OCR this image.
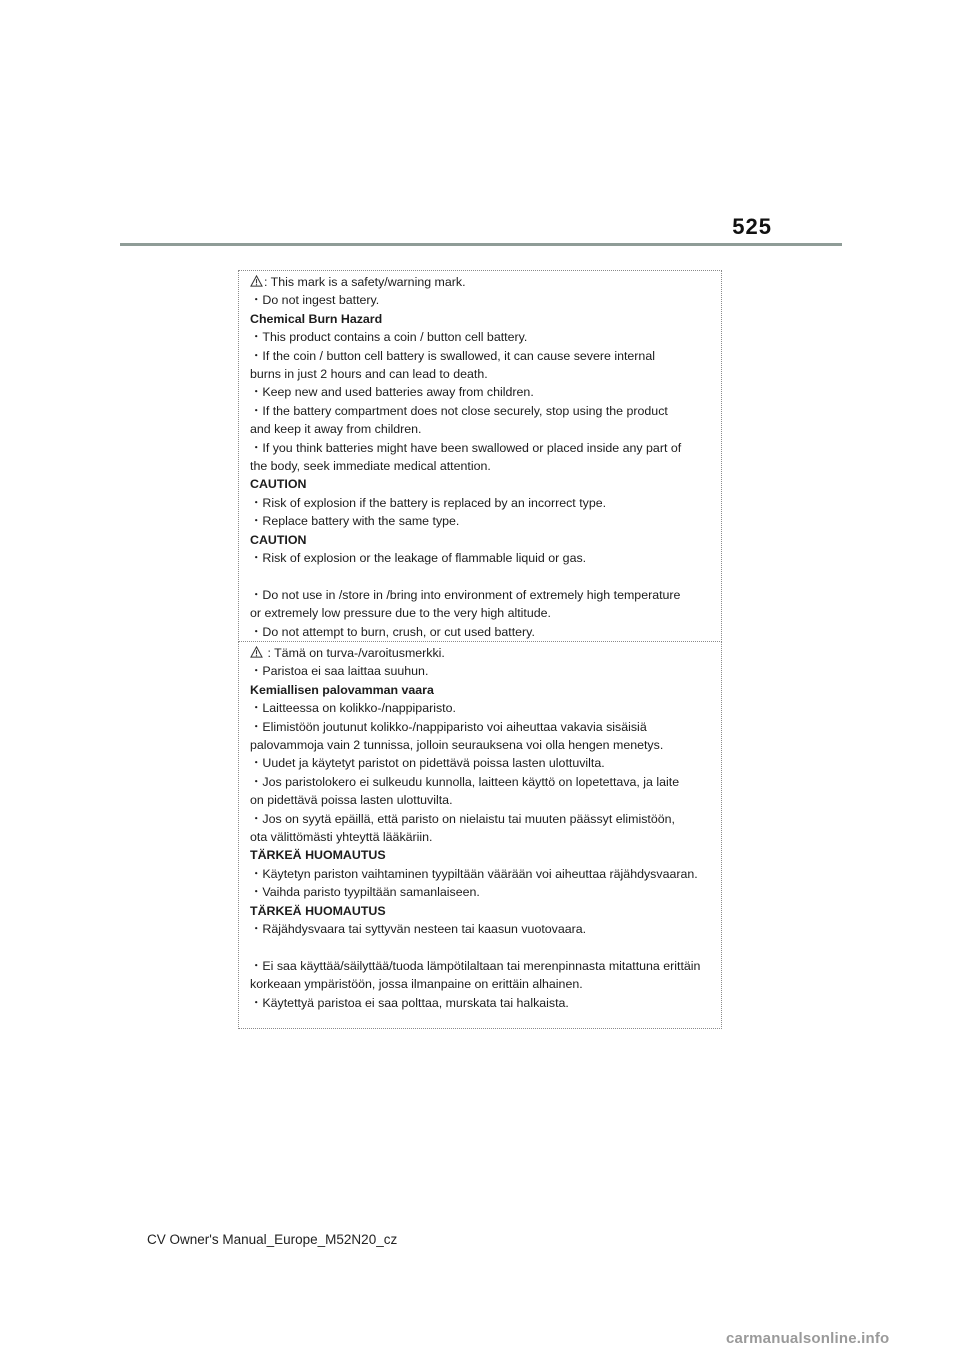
525
: This mark is a safety/warning mark.
・Do not ingest battery.
Chemical Burn Hazard
・This product contains a coin / button cell battery.
・If the coin / button cell battery is swallowed, it can cause severe internal
burns in just 2 hours and can lead to death.
・Keep new and used batteries away from children.
・If the battery compartment does not close securely, stop using the product
and keep it away from children.
・If you think batteries might have been swallowed or placed inside any part of
the body, seek immediate medical attention.
CAUTION
・Risk of explosion if the battery is replaced by an incorrect type.
・Replace battery with the same type.
CAUTION
・Risk of explosion or the leakage of flammable liquid or gas.
・Do not use in /store in /bring into environment of extremely high temperature
or extremely low pressure due to the very high altitude.
・Do not attempt to burn, crush, or cut used battery.
: Tämä on turva-/varoitusmerkki.
・Paristoa ei saa laittaa suuhun.
Kemiallisen palovamman vaara
・Laitteessa on kolikko-/nappiparisto.
・Elimistöön joutunut kolikko-/nappiparisto voi aiheuttaa vakavia sisäisiä
palovammoja vain 2 tunnissa, jolloin seurauksena voi olla hengen menetys.
・Uudet ja käytetyt paristot on pidettävä poissa lasten ulottuvilta.
・Jos paristolokero ei sulkeudu kunnolla, laitteen käyttö on lopetettava, ja laite
on pidettävä poissa lasten ulottuvilta.
・Jos on syytä epäillä, että paristo on nielaistu tai muuten päässyt elimistöön,
ota välittömästi yhteyttä lääkäriin.
TÄRKEÄ HUOMAUTUS
・Käytetyn pariston vaihtaminen tyypiltään väärään voi aiheuttaa räjähdysvaaran.
・Vaihda paristo tyypiltään samanlaiseen.
TÄRKEÄ HUOMAUTUS
・Räjähdysvaara tai syttyvän nesteen tai kaasun vuotovaara.
・Ei saa käyttää/säilyttää/tuoda lämpötilaltaan tai merenpinnasta mitattuna erittäin
korkeaan ympäristöön, jossa ilmanpaine on erittäin alhainen.
・Käytettyä paristoa ei saa polttaa, murskata tai halkaista.
CV Owner's Manual_Europe_M52N20_cz
carmanualsonline.info
